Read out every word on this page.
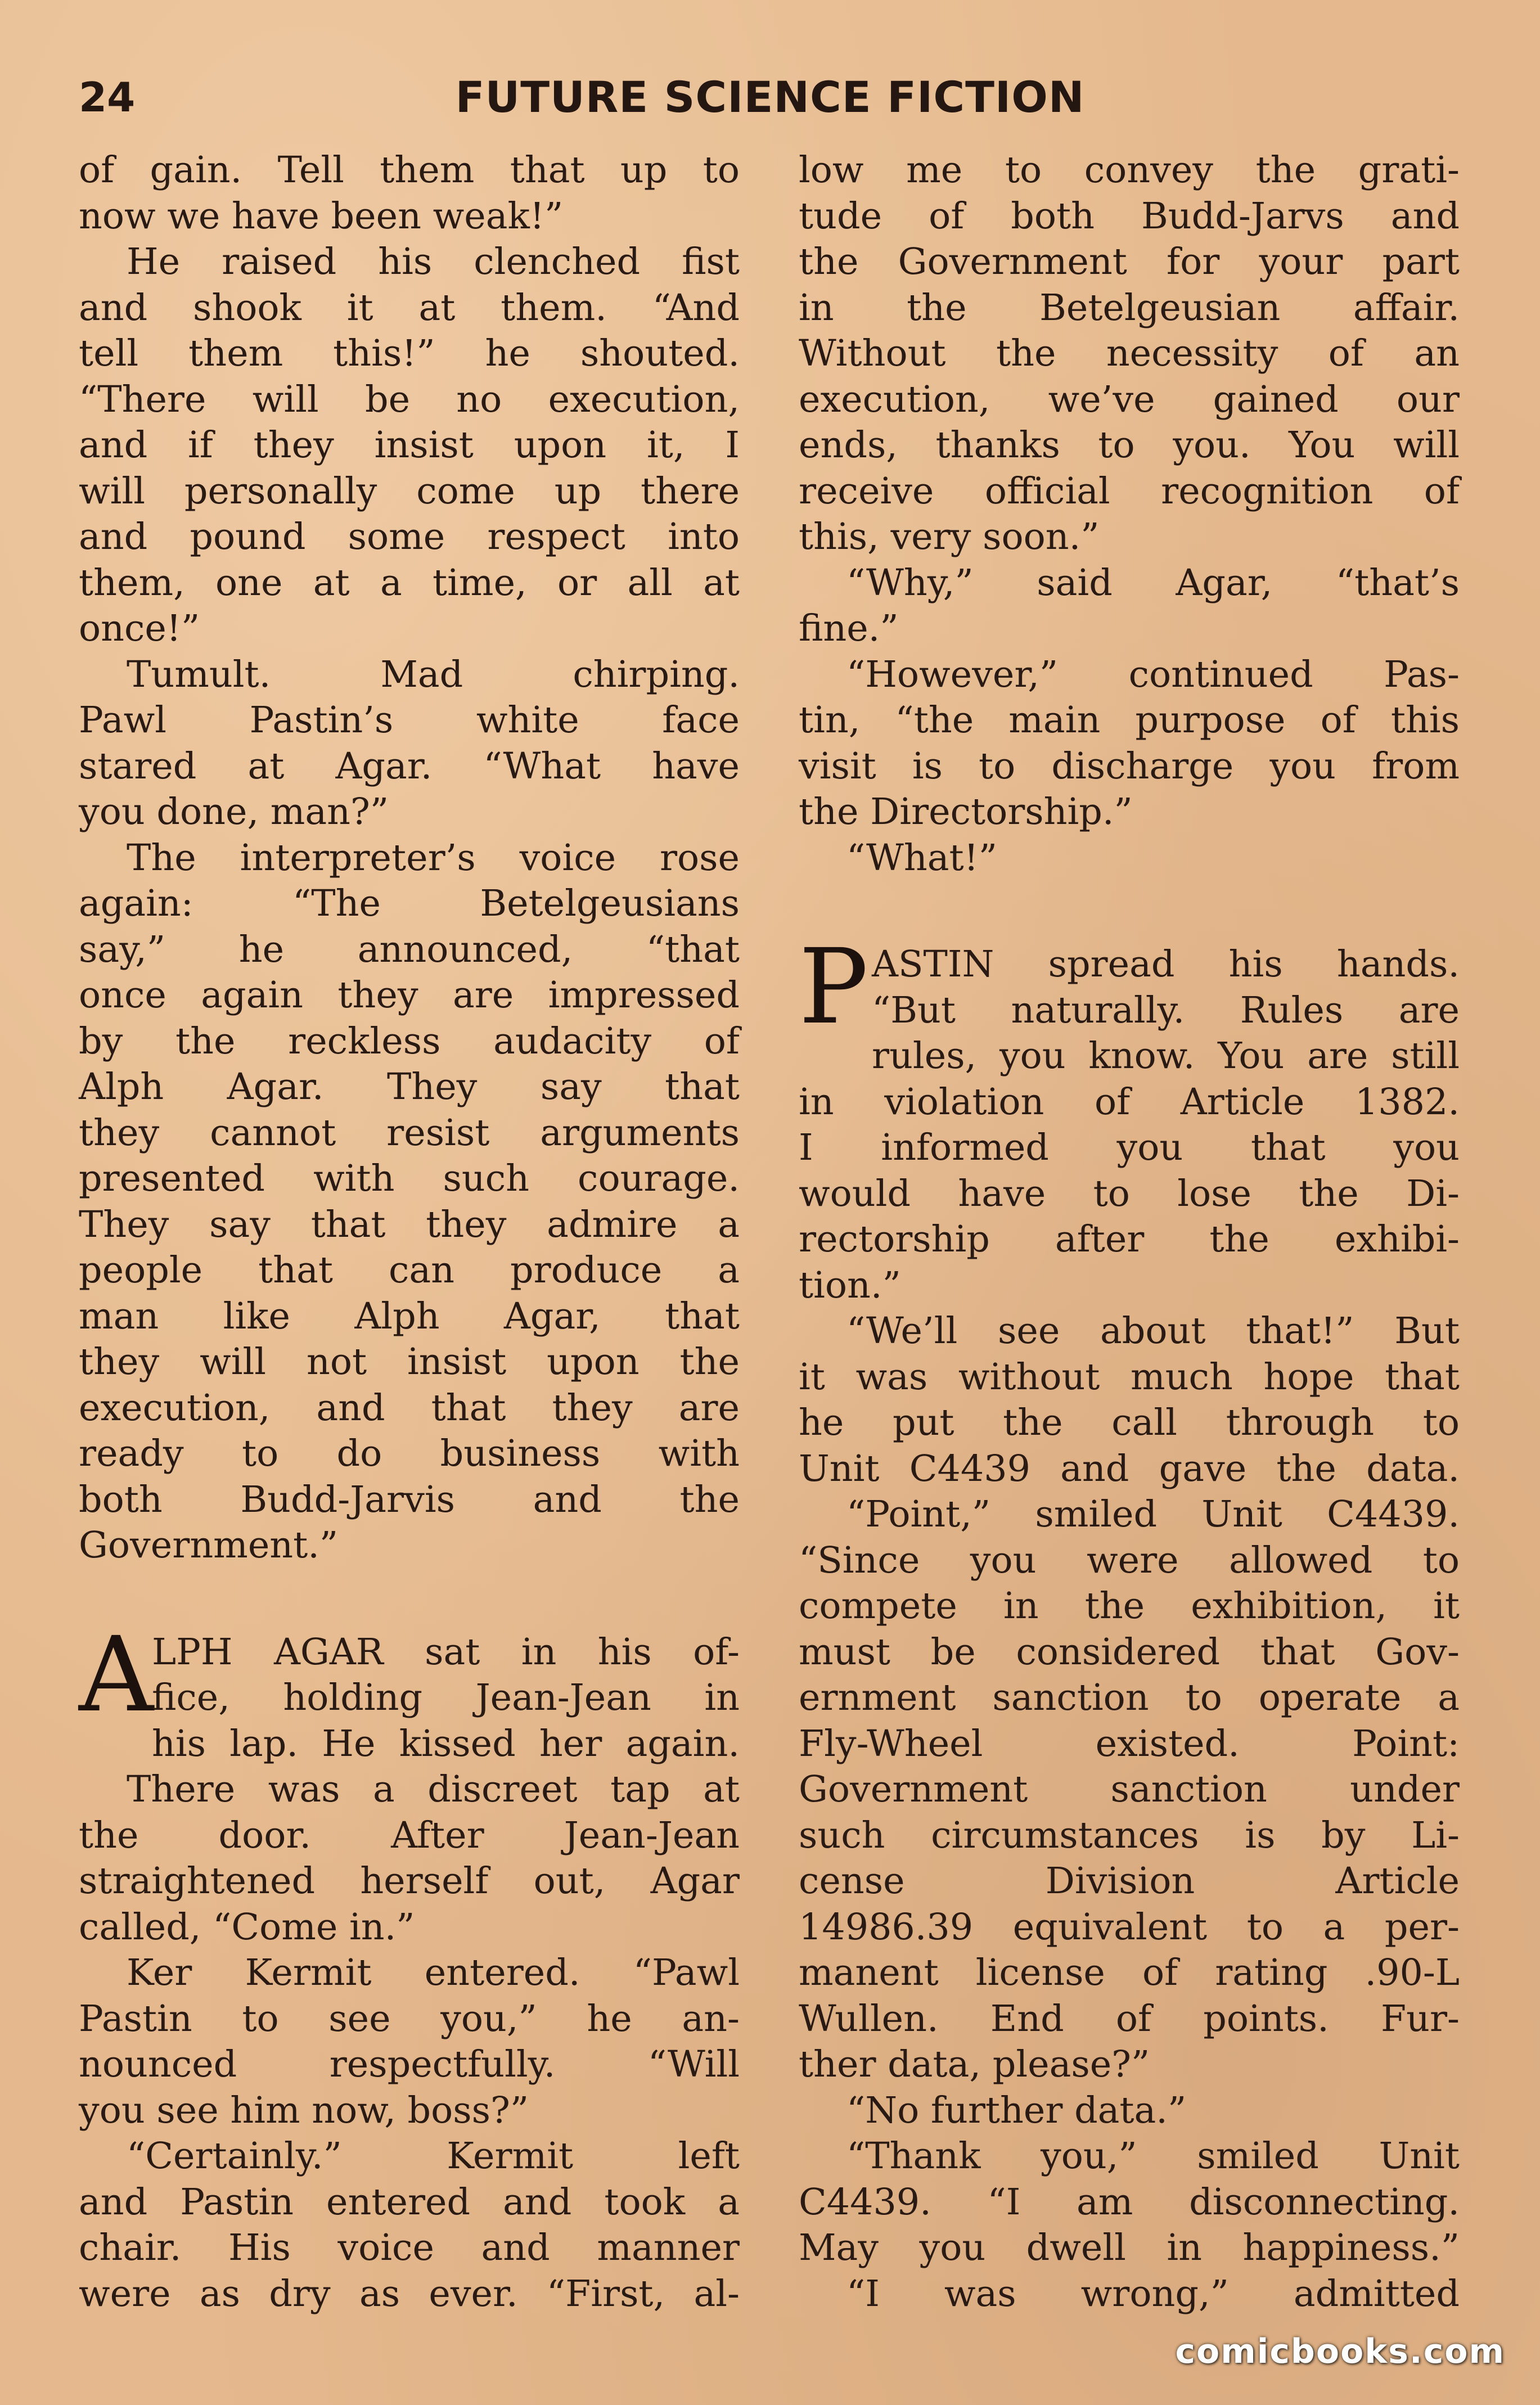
24	FUTURE SCIENCE FICTION
of gain. Tell them that up to
now we have been weak!”
He raised his clenched fist
and shook it at them. “And
tell them this!” he shouted.
“There will be no execution,
and if they insist upon it, I
will personally come up there
and pound some respect into
them, one at a time, or all at
once!”
Tumult. Mad chirping.
Pawl Pastin’s white face
stared at Agar. “What have
you done, man?”
The interpreter’s voice rose
again: “The Betelgeusians
say,” he announced, “that
once again they are impressed
by the reckless audacity of
Alph Agar. They say that
they cannot resist arguments
presented with such courage.
They say that they admire a
people that can produce a
man like Alph Agar, that
they will not insist upon the
execution, and that they are
ready to do business with
both Budd-Jarvis and the
Government.”
A
LPH AGAR sat in his of-
fice, holding Jean-Jean in
his lap. He kissed her again.
There was a discreet tap at
the door. After Jean-Jean
straightened herself out, Agar
called, “Come in.”
Ker Kermit entered. “Pawl
Pastin to see you,” he an-
nounced respectfully. “Will
you see him now, boss?”
“Certainly.” Kermit left
and Pastin entered and took a
chair. His voice and manner
were as dry as ever. “First, al-
low me to convey the grati-
tude of both Budd-Jarvs and
the Government for your part
in the Betelgeusian affair.
Without the necessity of an
execution, we’ve gained our
ends, thanks to you. You will
receive official recognition of
this, very soon.”
“Why,” said Agar, “that’s
fine.”
“However,” continued Pas-
tin, “the main purpose of this
visit is to discharge you from
the Directorship.”
“What!”
P ASTIN spread his hands.
“But naturally. Rules are
rules, you know. You are still
in violation of Article 1382.
I informed you that you
would have to lose the Di-
rectorship after the exhibi-
tion.”
“We’ll see about that!” But
it was without much hope that
he put the call through to
Unit C4439 and gave the data.
“Point,” smiled Unit C4439.
“Since you were allowed to
compete in the exhibition, it
must be considered that Gov-
ernment sanction to operate a
Fly-Wheel existed. Point:
Government sanction under
such circumstances is by Li-
cense Division Article
14986.39 equivalent to a per-
manent license of rating .90-L
Wullen. End of points. Fur-
ther data, please?”
“No further data.”
“Thank you,” smiled Unit
C4439. “I am disconnecting.
May you dwell in happiness.”
“I was wrong,” admitted
comicbooks.com
